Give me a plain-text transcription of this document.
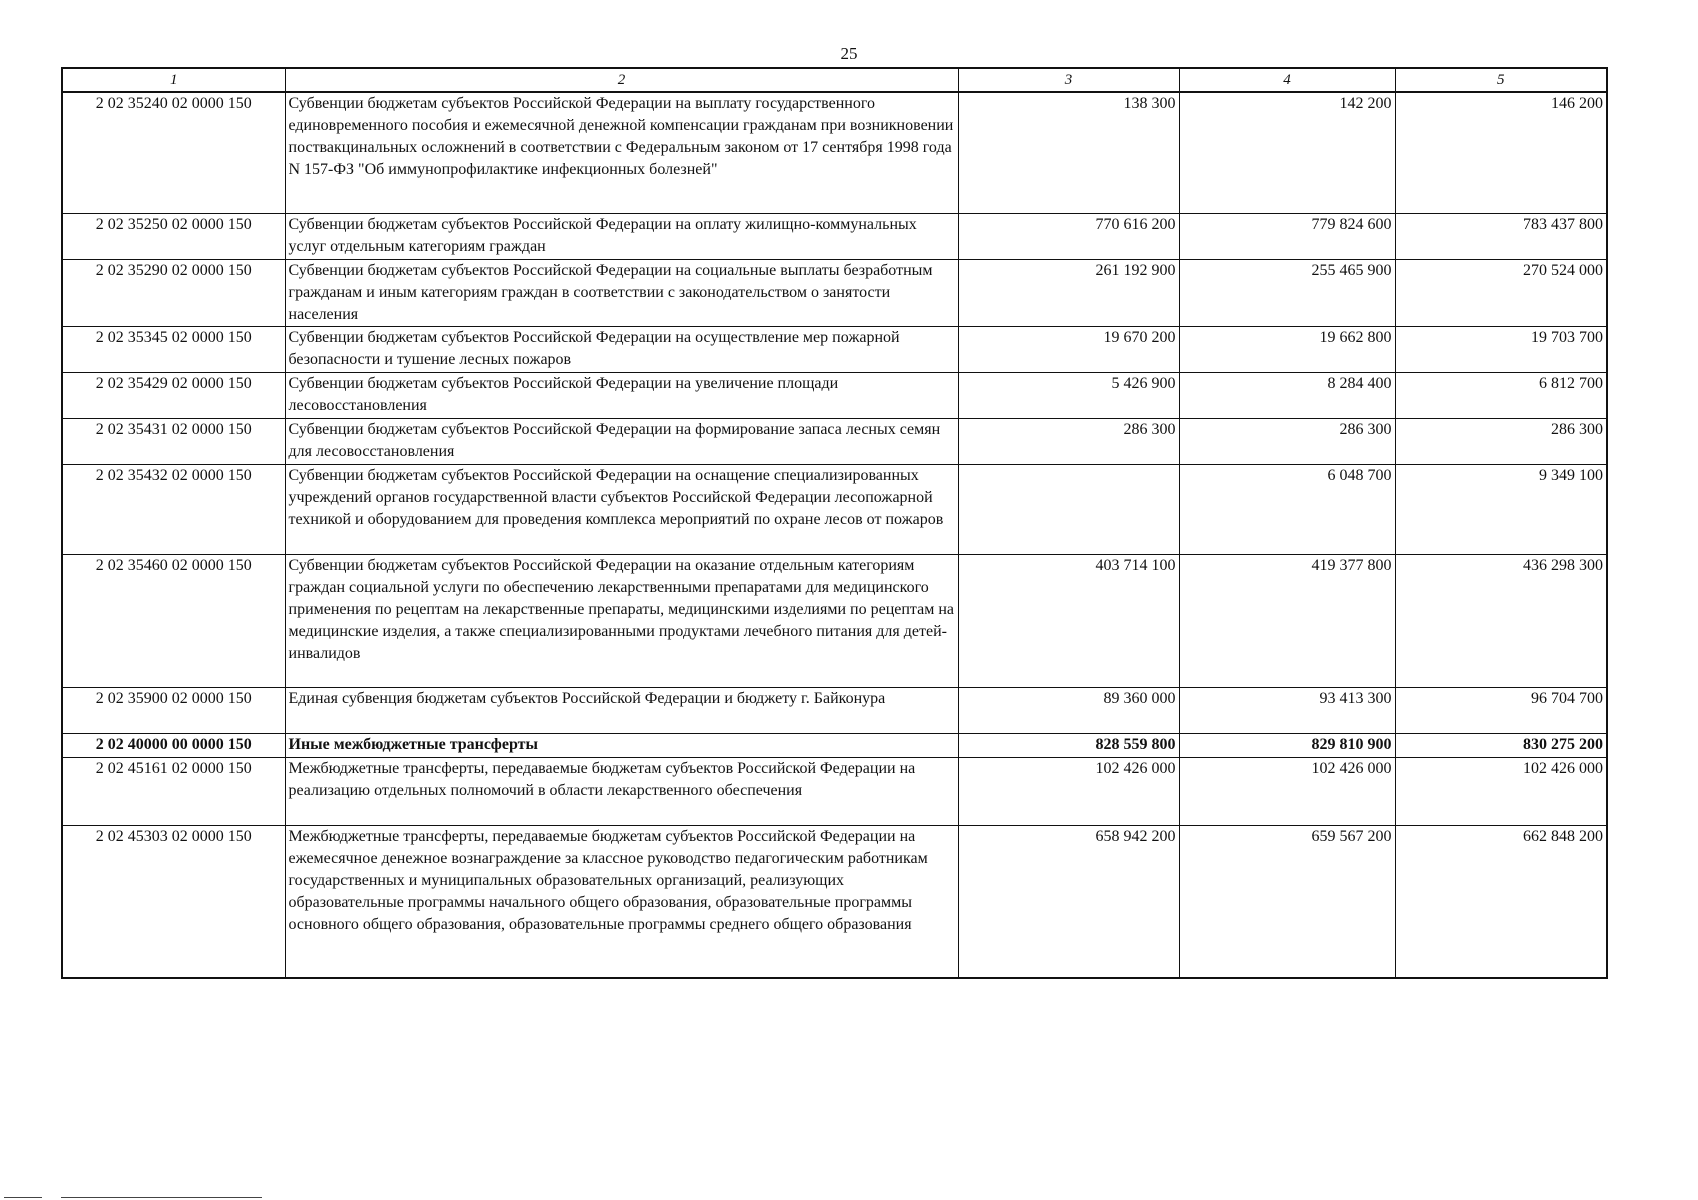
25
1	2	3	4	5
2 02 35240 02 0000 150	Субвенции бюджетам субъектов Российской Федерации на выплату государственного единовременного пособия и ежемесячной денежной компенсации гражданам при возникновении поствакцинальных осложнений в соответствии с Федеральным законом от 17 сентября 1998 года N 157-ФЗ "Об иммунопрофилактике инфекционных болезней"	138 300	142 200	146 200
2 02 35250 02 0000 150	Субвенции бюджетам субъектов Российской Федерации на оплату жилищно-коммунальных услуг отдельным категориям граждан	770 616 200	779 824 600	783 437 800
2 02 35290 02 0000 150	Субвенции бюджетам субъектов Российской Федерации на социальные выплаты безработным гражданам и иным категориям граждан в соответствии с законодательством о занятости населения	261 192 900	255 465 900	270 524 000
2 02 35345 02 0000 150	Субвенции бюджетам субъектов Российской Федерации на осуществление мер пожарной безопасности и тушение лесных пожаров	19 670 200	19 662 800	19 703 700
2 02 35429 02 0000 150	Субвенции бюджетам субъектов Российской Федерации на увеличение площади лесовосстановления	5 426 900	8 284 400	6 812 700
2 02 35431 02 0000 150	Субвенции бюджетам субъектов Российской Федерации на формирование запаса лесных семян для лесовосстановления	286 300	286 300	286 300
2 02 35432 02 0000 150	Субвенции бюджетам субъектов Российской Федерации на оснащение специализированных учреждений органов государственной власти субъектов Российской Федерации лесопожарной техникой и оборудованием для проведения комплекса мероприятий по охране лесов от пожаров		6 048 700	9 349 100
2 02 35460 02 0000 150	Субвенции бюджетам субъектов Российской Федерации на оказание отдельным категориям граждан социальной услуги по обеспечению лекарственными препаратами для медицинского применения по рецептам на лекарственные препараты, медицинскими изделиями по рецептам на медицинские изделия, а также специализированными продуктами лечебного питания для детей-инвалидов	403 714 100	419 377 800	436 298 300
2 02 35900 02 0000 150	Единая субвенция бюджетам субъектов Российской Федерации и бюджету г. Байконура	89 360 000	93 413 300	96 704 700
2 02 40000 00 0000 150	Иные межбюджетные трансферты	828 559 800	829 810 900	830 275 200
2 02 45161 02 0000 150	Межбюджетные трансферты, передаваемые бюджетам субъектов Российской Федерации на реализацию отдельных полномочий в области лекарственного обеспечения	102 426 000	102 426 000	102 426 000
2 02 45303 02 0000 150	Межбюджетные трансферты, передаваемые бюджетам субъектов Российской Федерации на ежемесячное денежное вознаграждение за классное руководство педагогическим работникам государственных и муниципальных образовательных организаций, реализующих образовательные программы начального общего образования, образовательные программы основного общего образования, образовательные программы среднего общего образования	658 942 200	659 567 200	662 848 200
